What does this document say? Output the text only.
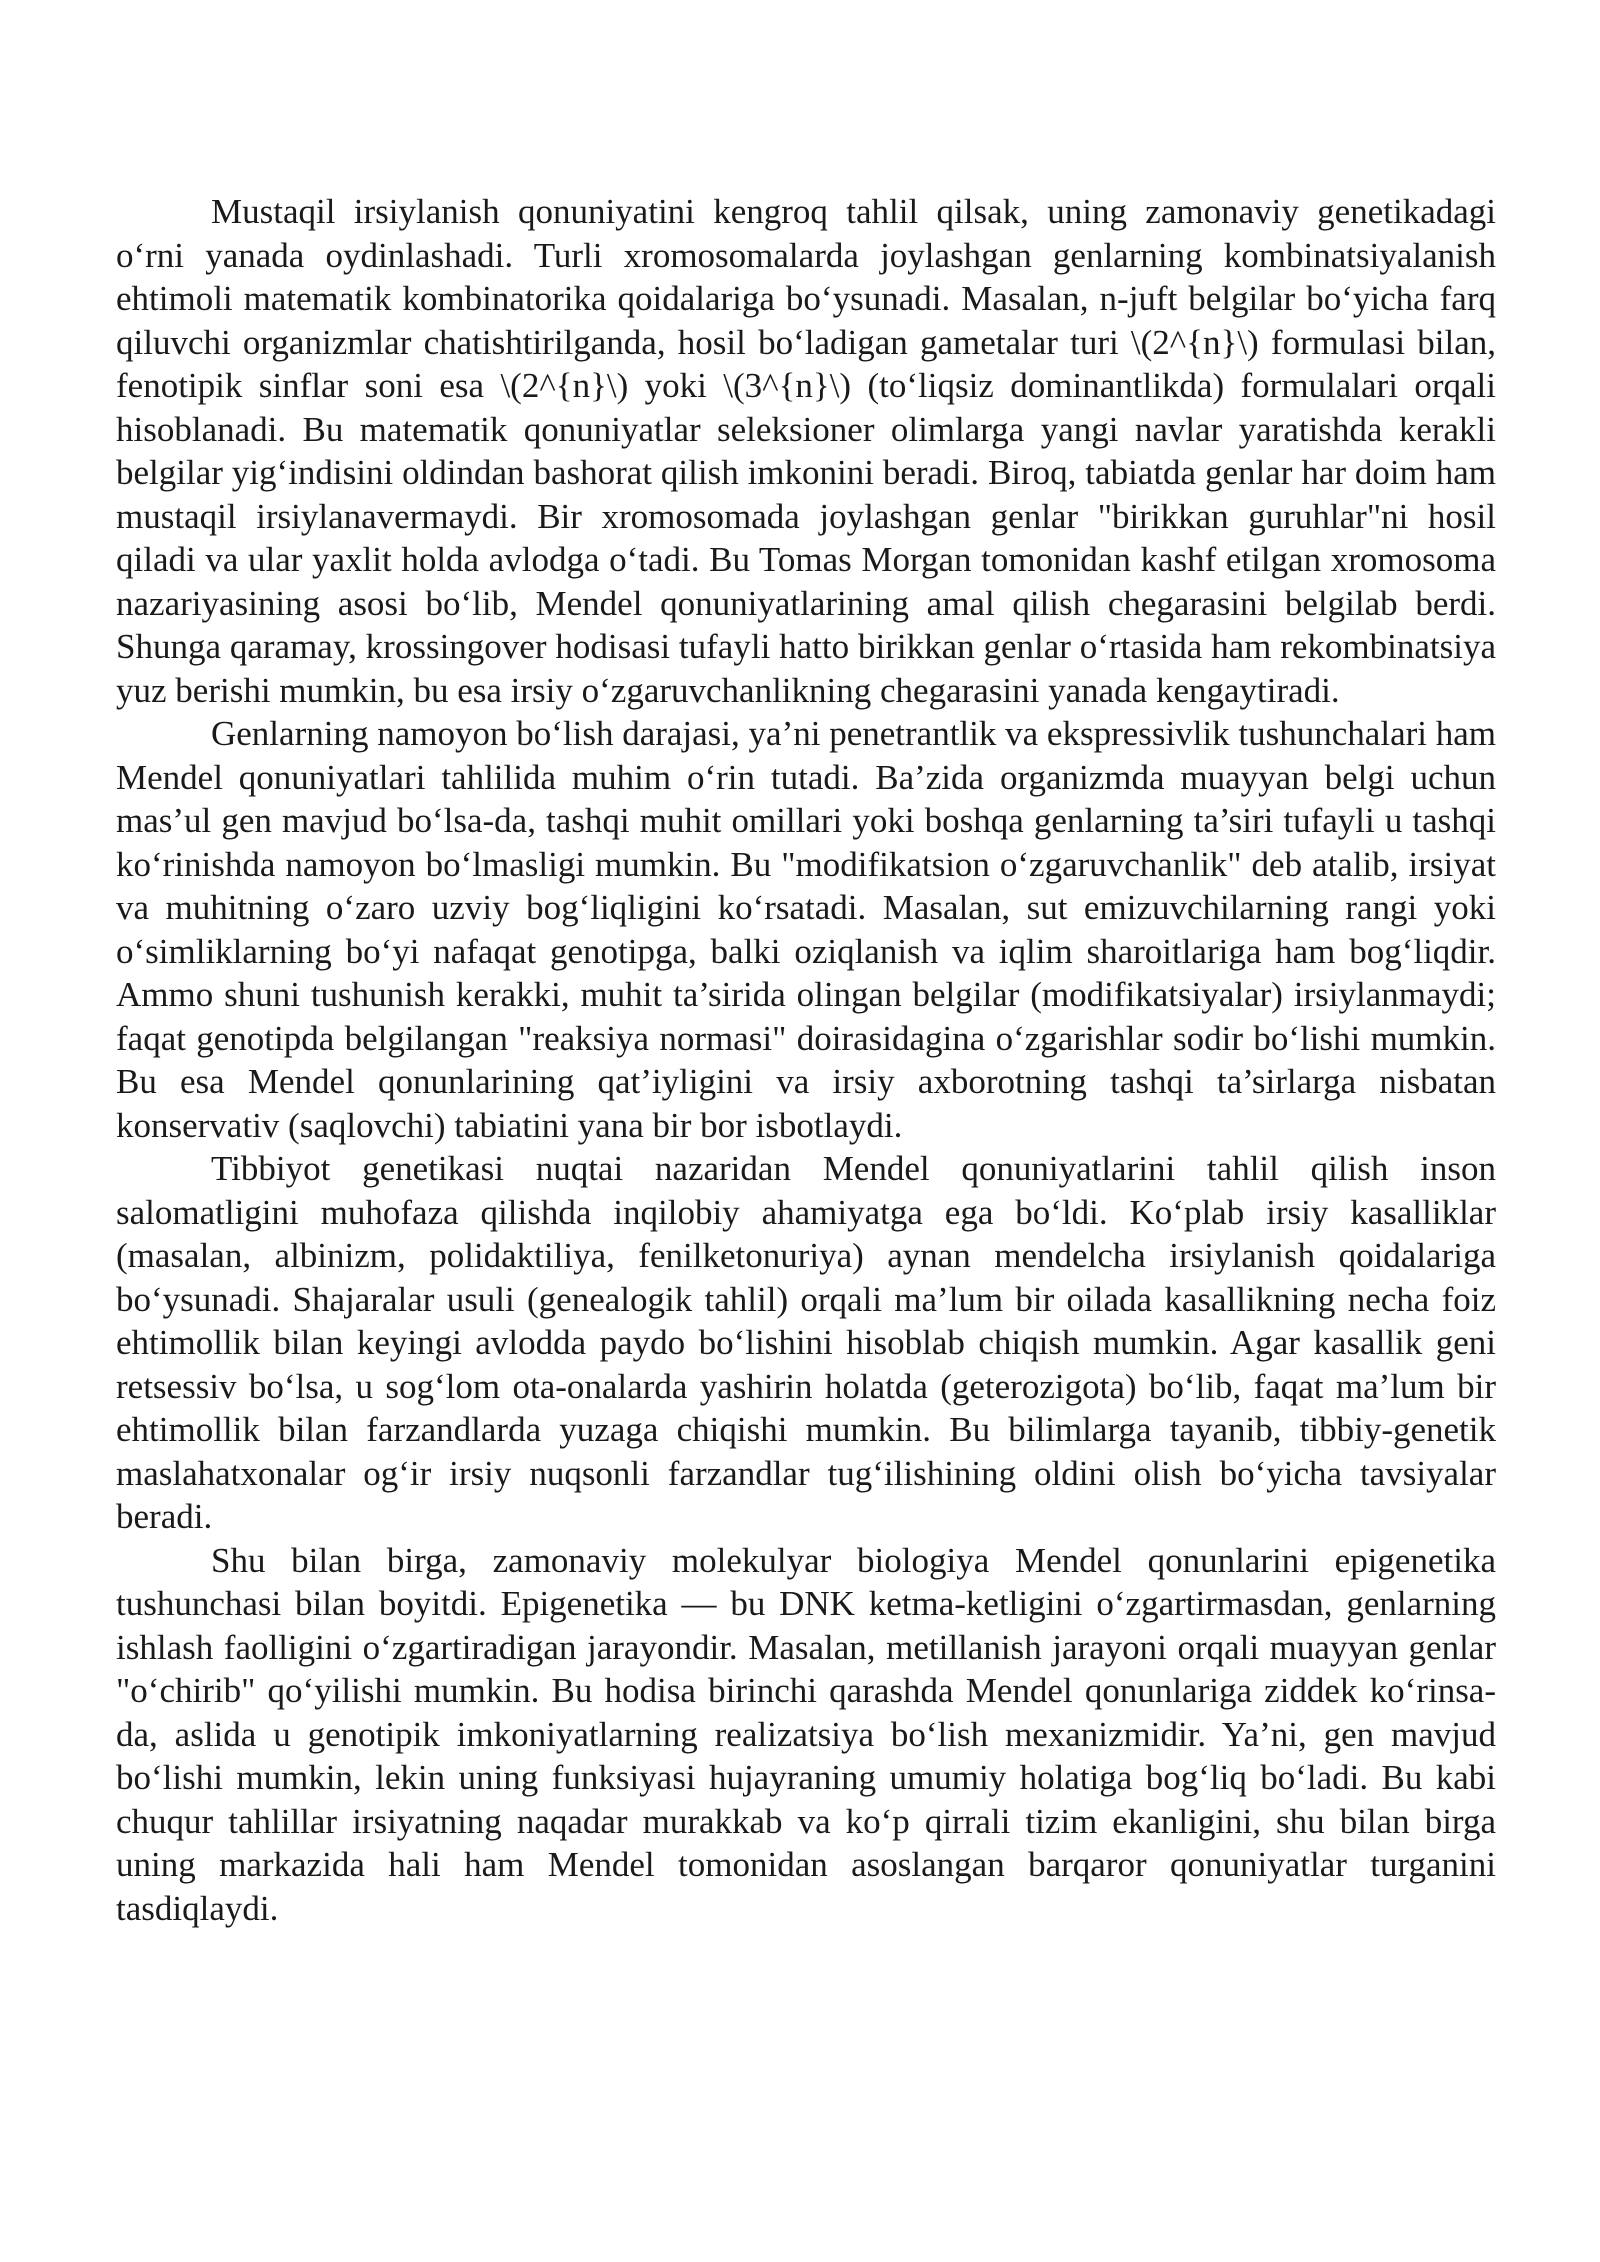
Mustaqil irsiylanish qonuniyatini kengroq tahlil qilsak, uning zamonaviy genetikadagi o‘rni yanada oydinlashadi. Turli xromosomalarda joylashgan genlarning kombinatsiyalanish ehtimoli matematik kombinatorika qoidalariga bo‘ysunadi. Masalan, n-juft belgilar bo‘yicha farq qiluvchi organizmlar chatishtirilganda, hosil bo‘ladigan gametalar turi \(2^{n}\) formulasi bilan, fenotipik sinflar soni esa \(2^{n}\) yoki \(3^{n}\) (to‘liqsiz dominantlikda) formulalari orqali hisoblanadi. Bu matematik qonuniyatlar seleksioner olimlarga yangi navlar yaratishda kerakli belgilar yig‘indisini oldindan bashorat qilish imkonini beradi. Biroq, tabiatda genlar har doim ham mustaqil irsiylanavermaydi. Bir xromosomada joylashgan genlar "birikkan guruhlar"ni hosil qiladi va ular yaxlit holda avlodga o‘tadi. Bu Tomas Morgan tomonidan kashf etilgan xromosoma nazariyasining asosi bo‘lib, Mendel qonuniyatlarining amal qilish chegarasini belgilab berdi. Shunga qaramay, krossingover hodisasi tufayli hatto birikkan genlar o‘rtasida ham rekombinatsiya yuz berishi mumkin, bu esa irsiy o‘zgaruvchanlikning chegarasini yanada kengaytiradi.

Genlarning namoyon bo‘lish darajasi, ya’ni penetrantlik va ekspressivlik tushunchalari ham Mendel qonuniyatlari tahlilida muhim o‘rin tutadi. Ba’zida organizmda muayyan belgi uchun mas’ul gen mavjud bo‘lsa-da, tashqi muhit omillari yoki boshqa genlarning ta’siri tufayli u tashqi ko‘rinishda namoyon bo‘lmasligi mumkin. Bu "modifikatsion o‘zgaruvchanlik" deb atalib, irsiyat va muhitning o‘zaro uzviy bog‘liqligini ko‘rsatadi. Masalan, sut emizuvchilarning rangi yoki o‘simliklarning bo‘yi nafaqat genotipga, balki oziqlanish va iqlim sharoitlariga ham bog‘liqdir. Ammo shuni tushunish kerakki, muhit ta’sirida olingan belgilar (modifikatsiyalar) irsiylanmaydi; faqat genotipda belgilangan "reaksiya normasi" doirasidagina o‘zgarishlar sodir bo‘lishi mumkin. Bu esa Mendel qonunlarining qat’iyligini va irsiy axborotning tashqi ta’sirlarga nisbatan konservativ (saqlovchi) tabiatini yana bir bor isbotlaydi.

Tibbiyot genetikasi nuqtai nazaridan Mendel qonuniyatlarini tahlil qilish inson salomatligini muhofaza qilishda inqilobiy ahamiyatga ega bo‘ldi. Ko‘plab irsiy kasalliklar (masalan, albinizm, polidaktiliya, fenilketonuriya) aynan mendelcha irsiylanish qoidalariga bo‘ysunadi. Shajaralar usuli (genealogik tahlil) orqali ma’lum bir oilada kasallikning necha foiz ehtimollik bilan keyingi avlodda paydo bo‘lishini hisoblab chiqish mumkin. Agar kasallik geni retsessiv bo‘lsa, u sog‘lom ota-onalarda yashirin holatda (geterozigota) bo‘lib, faqat ma’lum bir ehtimollik bilan farzandlarda yuzaga chiqishi mumkin. Bu bilimlarga tayanib, tibbiy-genetik maslahatxonalar og‘ir irsiy nuqsonli farzandlar tug‘ilishining oldini olish bo‘yicha tavsiyalar beradi.

Shu bilan birga, zamonaviy molekulyar biologiya Mendel qonunlarini epigenetika tushunchasi bilan boyitdi. Epigenetika — bu DNK ketma-ketligini o‘zgartirmasdan, genlarning ishlash faolligini o‘zgartiradigan jarayondir. Masalan, metillanish jarayoni orqali muayyan genlar "o‘chirib" qo‘yilishi mumkin. Bu hodisa birinchi qarashda Mendel qonunlariga ziddek ko‘rinsa-da, aslida u genotipik imkoniyatlarning realizatsiya bo‘lish mexanizmidir. Ya’ni, gen mavjud bo‘lishi mumkin, lekin uning funksiyasi hujayraning umumiy holatiga bog‘liq bo‘ladi. Bu kabi chuqur tahlillar irsiyatning naqadar murakkab va ko‘p qirrali tizim ekanligini, shu bilan birga uning markazida hali ham Mendel tomonidan asoslangan barqaror qonuniyatlar turganini tasdiqlaydi.
